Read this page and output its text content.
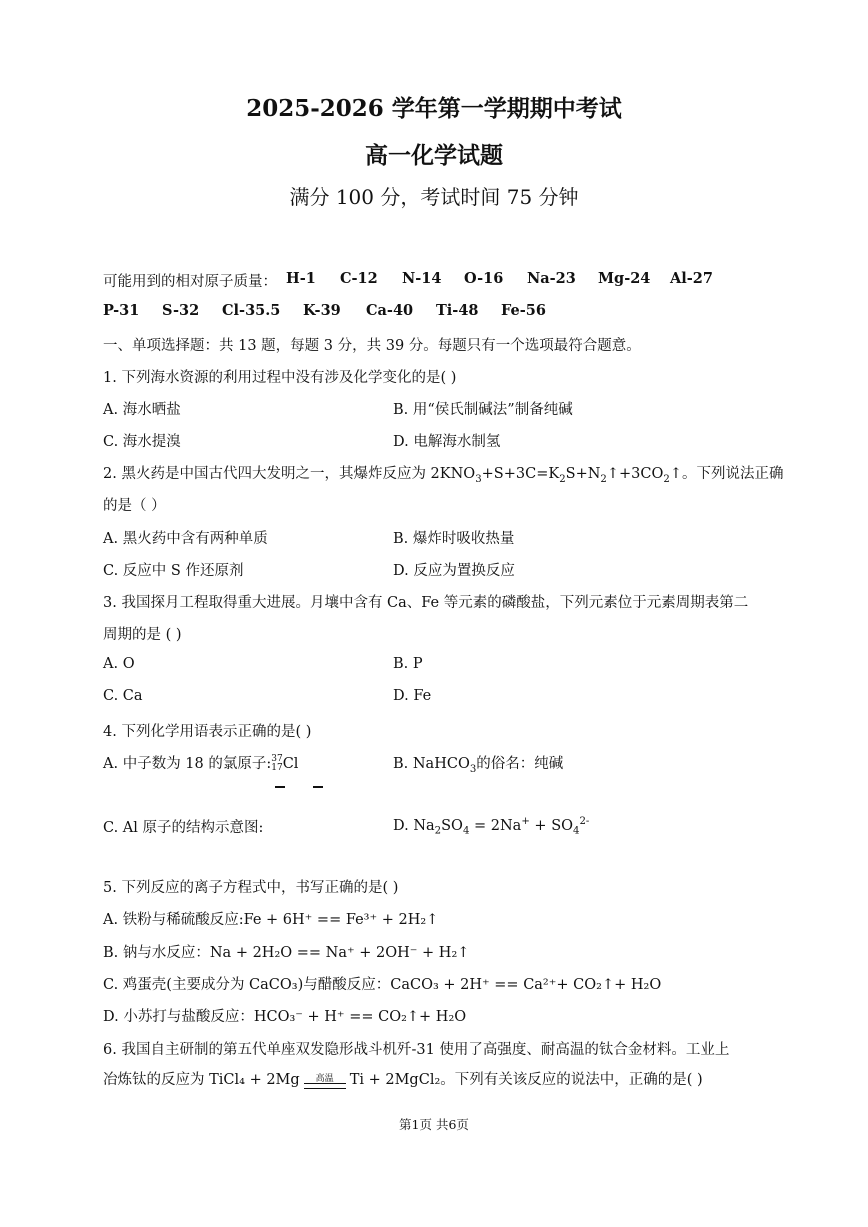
2025-2026 学年第一学期期中考试
高一化学试题
满分 100 分，考试时间 75 分钟
可能用到的相对原子质量： H-1 C-12 N-14 O-16 Na-23 Mg-24 Al-27
P-31 S-32 Cl-35.5 K-39 Ca-40 Ti-48 Fe-56
一、单项选择题：共 13 题，每题 3 分，共 39 分。每题只有一个选项最符合题意。
1. 下列海水资源的利用过程中没有涉及化学变化的是( )
A. 海水晒盐	B. 用“侯氏制碱法”制备纯碱
C. 海水提溴	D. 电解海水制氢
2. 黑火药是中国古代四大发明之一，其爆炸反应为 $2KNO_3+S+3C=K_2S+N_2↑+3CO_2↑$。下列说法正确
的是（ ）
A. 黑火药中含有两种单质	B. 爆炸时吸收热量
C. 反应中 S 作还原剂	D. 反应为置换反应
3. 我国探月工程取得重大进展。月壤中含有 Ca、Fe 等元素的磷酸盐，下列元素位于元素周期表第二
周期的是 ( )
A. O	B. P
C. Ca	D. Fe
4. 下列化学用语表示正确的是( )
A. 中子数为 18 的氯原子:37
17Cl	B. NaHCO$_3$的俗名：纯碱
C. Al 原子的结构示意图:	D. $Na_2SO_4 = 2Na^+ + SO_4^{2-}$
5. 下列反应的离子方程式中，书写正确的是( )
A. 铁粉与稀硫酸反应:Fe + 6H⁺ == Fe³⁺ + 2H₂↑
B. 钠与水反应：Na + 2H₂O == Na⁺ + 2OH⁻ + H₂↑
C. 鸡蛋壳(主要成分为 CaCO₃)与醋酸反应：CaCO₃ + 2H⁺ == Ca²⁺+ CO₂↑+ H₂O
D. 小苏打与盐酸反应：HCO₃⁻ + H⁺ == CO₂↑+ H₂O
6. 我国自主研制的第五代单座双发隐形战斗机歼-31 使用了高强度、耐高温的钛合金材料。工业上
冶炼钛的反应为 TiCl₄ + 2Mg	高温	Ti + 2MgCl₂。下列有关该反应的说法中，正确的是( )
第1页 共6页
